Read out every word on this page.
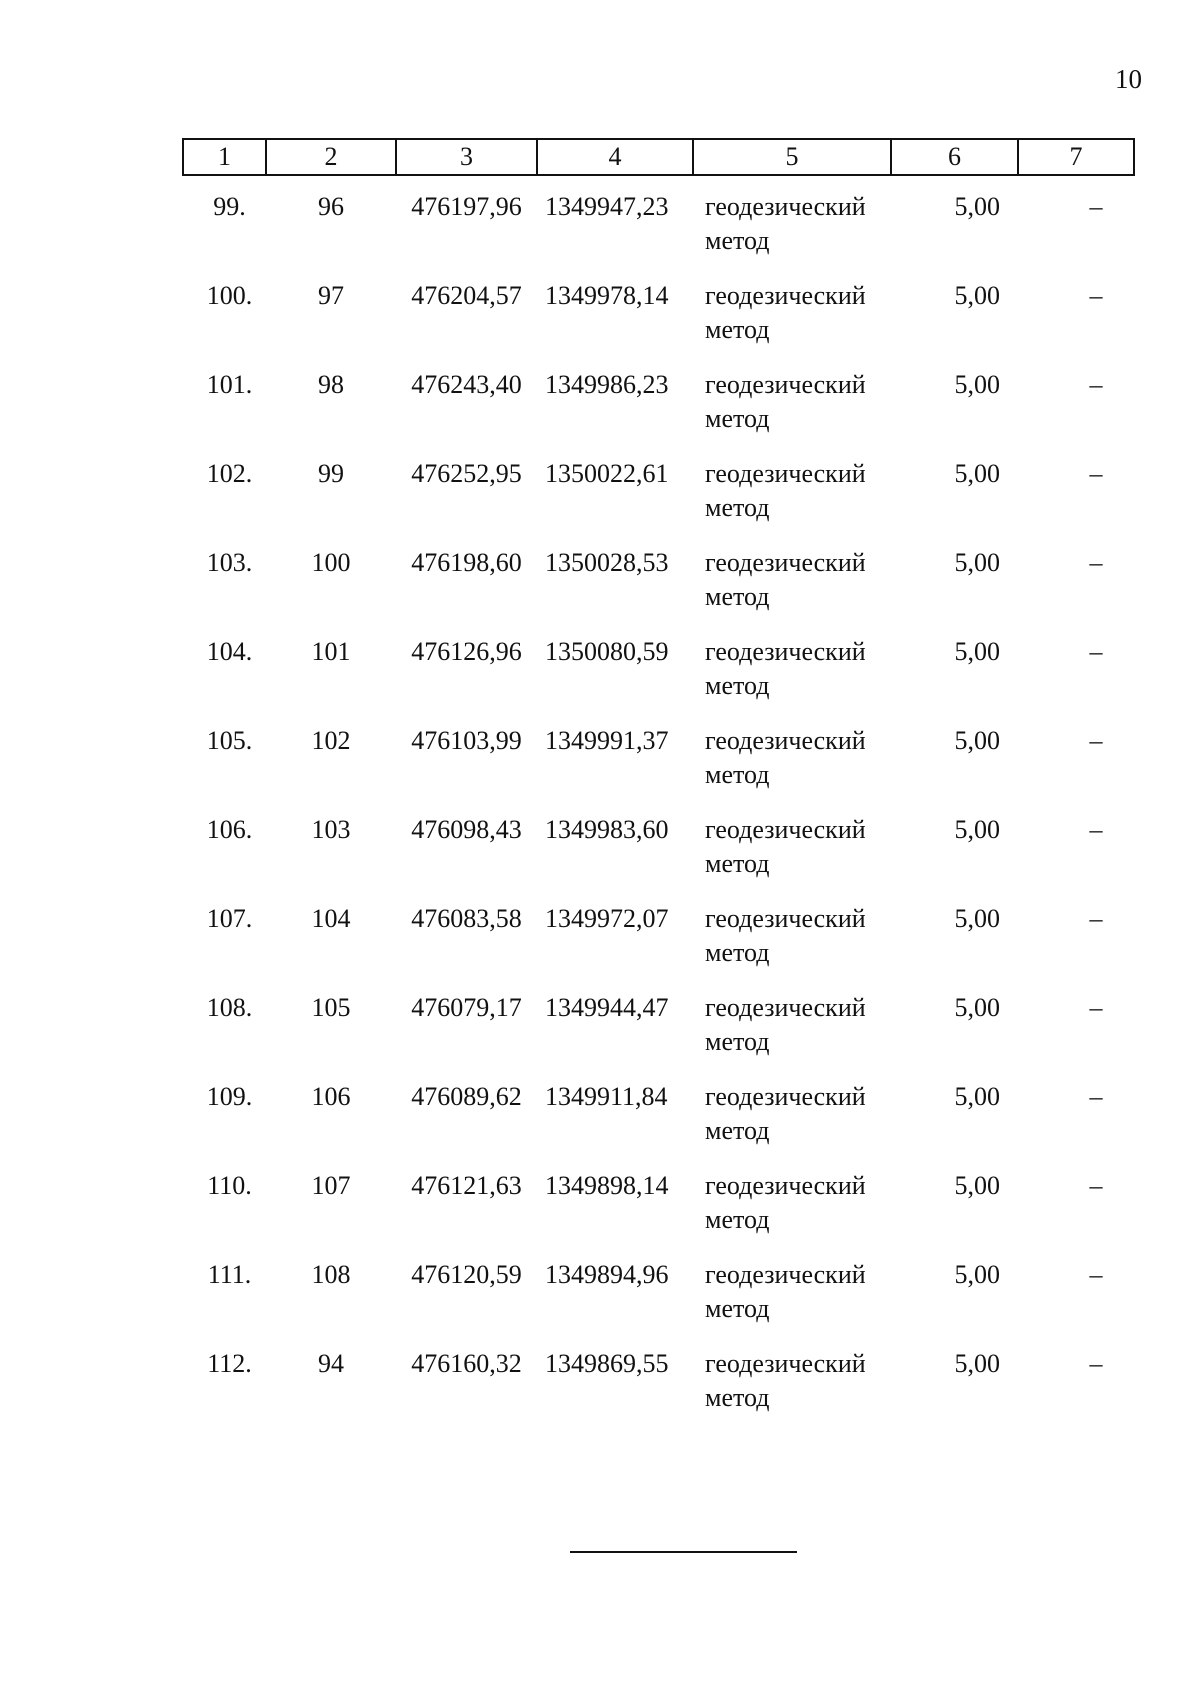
10
1	2	3	4	5	6	7
99.	96	476197,96	1349947,23	геодезический метод	5,00	–
100.	97	476204,57	1349978,14	геодезический метод	5,00	–
101.	98	476243,40	1349986,23	геодезический метод	5,00	–
102.	99	476252,95	1350022,61	геодезический метод	5,00	–
103.	100	476198,60	1350028,53	геодезический метод	5,00	–
104.	101	476126,96	1350080,59	геодезический метод	5,00	–
105.	102	476103,99	1349991,37	геодезический метод	5,00	–
106.	103	476098,43	1349983,60	геодезический метод	5,00	–
107.	104	476083,58	1349972,07	геодезический метод	5,00	–
108.	105	476079,17	1349944,47	геодезический метод	5,00	–
109.	106	476089,62	1349911,84	геодезический метод	5,00	–
110.	107	476121,63	1349898,14	геодезический метод	5,00	–
111.	108	476120,59	1349894,96	геодезический метод	5,00	–
112.	94	476160,32	1349869,55	геодезический метод	5,00	–
